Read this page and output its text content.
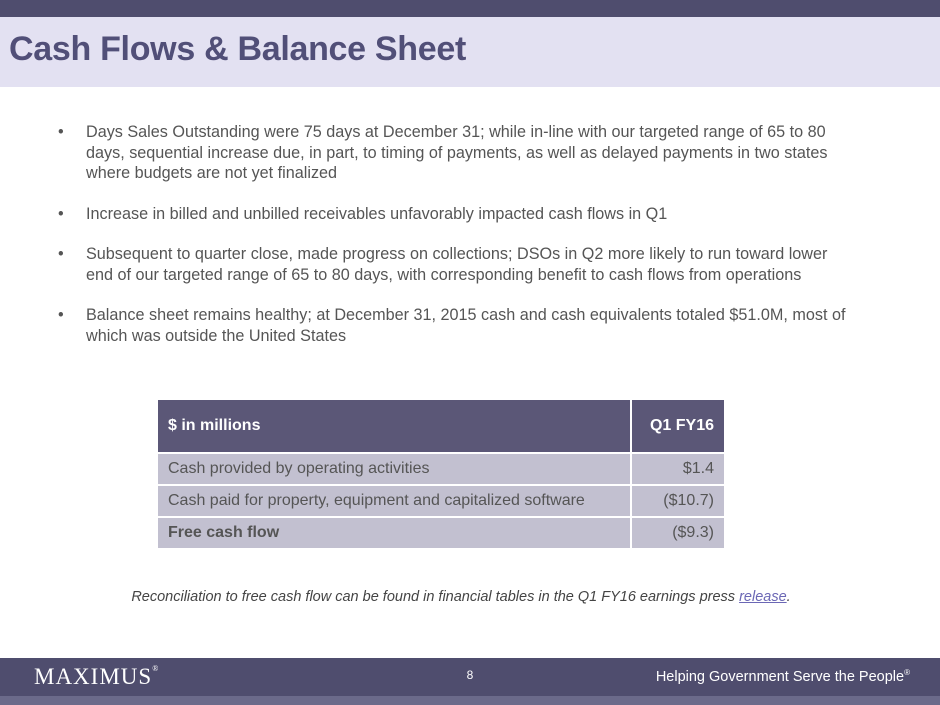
Cash Flows & Balance Sheet
• Days Sales Outstanding were 75 days at December 31; while in-line with our targeted range of 65 to 80 days, sequential increase due, in part, to timing of payments, as well as delayed payments in two states where budgets are not yet finalized
• Increase in billed and unbilled receivables unfavorably impacted cash flows in Q1
• Subsequent to quarter close, made progress on collections; DSOs in Q2 more likely to run toward lower end of our targeted range of 65 to 80 days, with corresponding benefit to cash flows from operations
• Balance sheet remains healthy; at December 31, 2015 cash and cash equivalents totaled $51.0M, most of which was outside the United States
$ in millions	Q1 FY16
Cash provided by operating activities	$1.4
Cash paid for property, equipment and capitalized software	($10.7)
Free cash flow	($9.3)
Reconciliation to free cash flow can be found in financial tables in the Q1 FY16 earnings press release.
MAXIMUS®	8	Helping Government Serve the People®
